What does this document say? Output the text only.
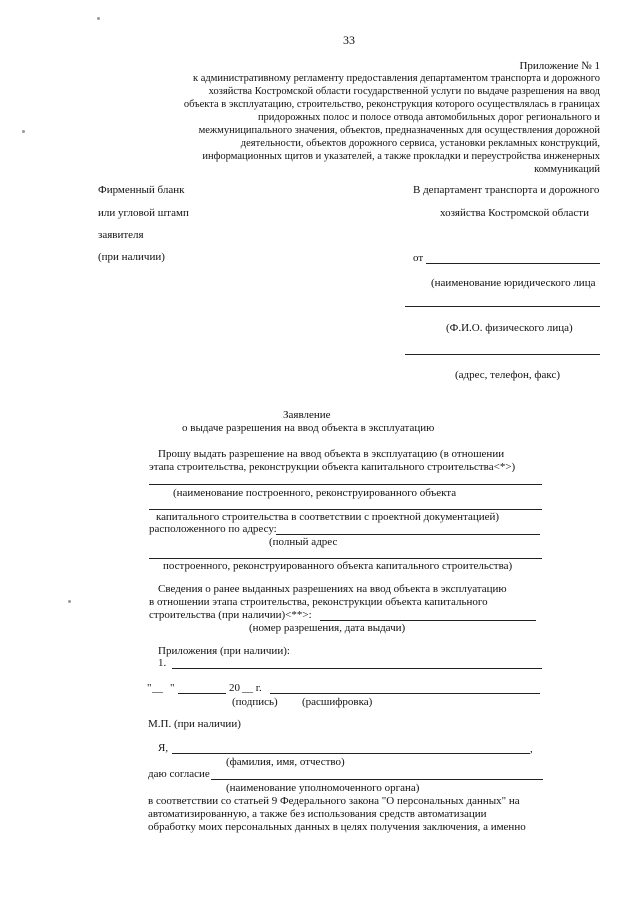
33
Приложение № 1
к административному регламенту предоставления департаментом транспорта и дорожного
хозяйства Костромской области государственной услуги по выдаче разрешения на ввод
объекта в эксплуатацию, строительство, реконструкция которого осуществлялась в границах
придорожных полос и полосе отвода автомобильных дорог регионального и
межмуниципального значения, объектов, предназначенных для осуществления дорожной
деятельности, объектов дорожного сервиса, установки рекламных конструкций,
информационных щитов и указателей, а также прокладки и переустройства инженерных
коммуникаций
Фирменный бланк
или угловой штамп
заявителя
(при наличии)
В департамент транспорта и дорожного
хозяйства Костромской области
от
(наименование юридического лица
(Ф.И.О. физического лица)
(адрес, телефон, факс)
Заявление
о выдаче разрешения на ввод объекта в эксплуатацию
Прошу выдать разрешение на ввод объекта в эксплуатацию (в отношении
этапа строительства, реконструкции объекта капитального строительства<*>)
(наименование построенного, реконструированного объекта
капитального строительства в соответствии с проектной документацией)
расположенного по адресу:
(полный адрес
построенного, реконструированного объекта капитального строительства)
Сведения о ранее выданных разрешениях на ввод объекта в эксплуатацию
в отношении этапа строительства, реконструкции объекта капитального
строительства (при наличии)<**>:
(номер разрешения, дата выдачи)
Приложения (при наличии):
1.
" __ "	20 __ г.
(подпись) (расшифровка)
М.П. (при наличии)
Я,	,
(фамилия, имя, отчество)
даю согласие
(наименование уполномоченного органа)
в соответствии со статьей 9 Федерального закона "О персональных данных" на
автоматизированную, а также без использования средств автоматизации
обработку моих персональных данных в целях получения заключения, а именно
